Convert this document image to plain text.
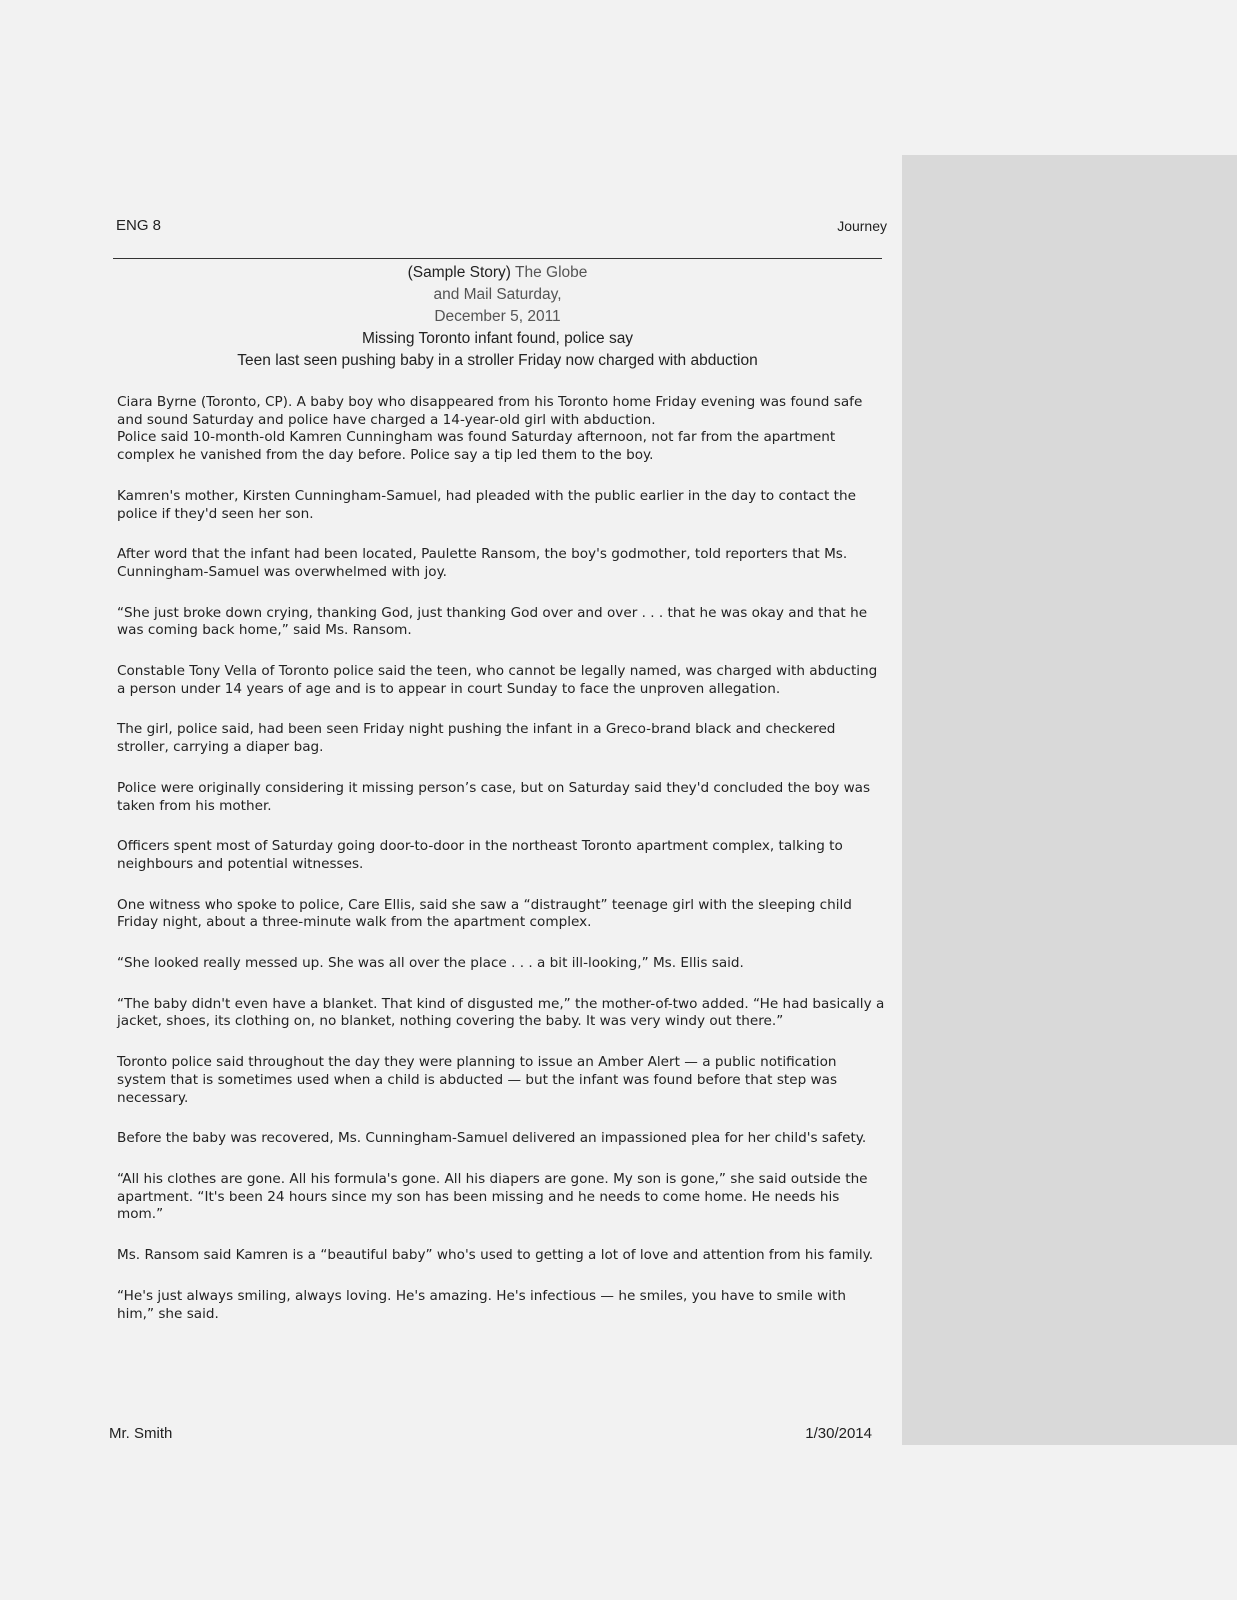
ENG 8	Journey
(Sample Story) The Globe
and Mail Saturday,
December 5, 2011
Missing Toronto infant found, police say
Teen last seen pushing baby in a stroller Friday now charged with abduction

Ciara Byrne (Toronto, CP). A baby boy who disappeared from his Toronto home Friday evening was found safe and sound Saturday and police have charged a 14-year-old girl with abduction.
Police said 10-month-old Kamren Cunningham was found Saturday afternoon, not far from the apartment complex he vanished from the day before. Police say a tip led them to the boy.

Kamren's mother, Kirsten Cunningham-Samuel, had pleaded with the public earlier in the day to contact the police if they'd seen her son.

After word that the infant had been located, Paulette Ransom, the boy's godmother, told reporters that Ms. Cunningham-Samuel was overwhelmed with joy.

“She just broke down crying, thanking God, just thanking God over and over . . . that he was okay and that he was coming back home,” said Ms. Ransom.

Constable Tony Vella of Toronto police said the teen, who cannot be legally named, was charged with abducting a person under 14 years of age and is to appear in court Sunday to face the unproven allegation.

The girl, police said, had been seen Friday night pushing the infant in a Greco-brand black and checkered stroller, carrying a diaper bag.

Police were originally considering it missing person’s case, but on Saturday said they'd concluded the boy was taken from his mother.

Officers spent most of Saturday going door-to-door in the northeast Toronto apartment complex, talking to neighbours and potential witnesses.

One witness who spoke to police, Care Ellis, said she saw a “distraught” teenage girl with the sleeping child Friday night, about a three-minute walk from the apartment complex.

“She looked really messed up. She was all over the place . . . a bit ill-looking,” Ms. Ellis said.

“The baby didn't even have a blanket. That kind of disgusted me,” the mother-of-two added. “He had basically a jacket, shoes, its clothing on, no blanket, nothing covering the baby. It was very windy out there.”

Toronto police said throughout the day they were planning to issue an Amber Alert — a public notification system that is sometimes used when a child is abducted — but the infant was found before that step was necessary.

Before the baby was recovered, Ms. Cunningham-Samuel delivered an impassioned plea for her child's safety.

“All his clothes are gone. All his formula's gone. All his diapers are gone. My son is gone,” she said outside the apartment. “It's been 24 hours since my son has been missing and he needs to come home. He needs his mom.”

Ms. Ransom said Kamren is a “beautiful baby” who's used to getting a lot of love and attention from his family.

“He's just always smiling, always loving. He's amazing. He's infectious — he smiles, you have to smile with him,” she said.

Mr. Smith	1/30/2014
